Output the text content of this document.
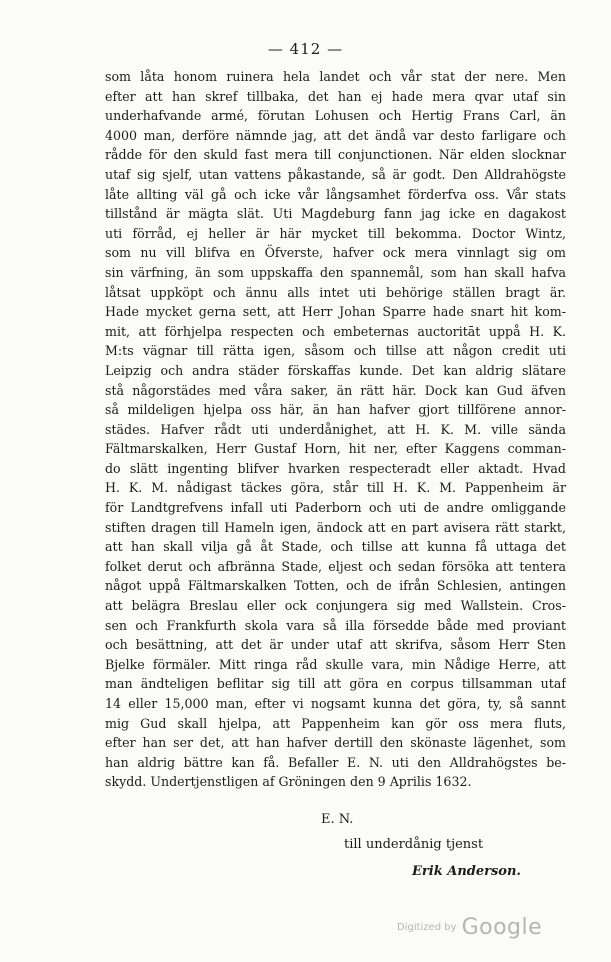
— 412 —
som låta honom ruinera hela landet och vår stat der nere. Men
efter att han skref tillbaka, det han ej hade mera qvar utaf sin
underhafvande armé, förutan Lohusen och Hertig Frans Carl, än
4000 man, derföre nämnde jag, att det ändå var desto farligare och
rådde för den skuld fast mera till conjunctionen. När elden slocknar
utaf sig sjelf, utan vattens påkastande, så är godt. Den Alldrahögste
låte allting väl gå och icke vår långsamhet förderfva oss. Vår stats
tillstånd är mägta slät. Uti Magdeburg fann jag icke en dagakost
uti förråd, ej heller är här mycket till bekomma. Doctor Wintz,
som nu vill blifva en Öfverste, hafver ock mera vinnlagt sig om
sin värfning, än som uppskaffa den spannemål, som han skall hafva
låtsat uppköpt och ännu alls intet uti behörige ställen bragt är.
Hade mycket gerna sett, att Herr Johan Sparre hade snart hit kom-
mit, att förhjelpa respecten och embeternas auctoritāt uppå H. K.
M:ts vägnar till rätta igen, såsom och tillse att någon credit uti
Leipzig och andra städer förskaffas kunde. Det kan aldrig slätare
stå någorstädes med våra saker, än rätt här. Dock kan Gud äfven
så mildeligen hjelpa oss här, än han hafver gjort tillförene annor-
städes. Hafver rådt uti underdånighet, att H. K. M. ville sända
Fältmarskalken, Herr Gustaf Horn, hit ner, efter Kaggens comman-
do slätt ingenting blifver hvarken respecteradt eller aktadt. Hvad
H. K. M. nådigast täckes göra, står till H. K. M. Pappenheim är
för Landtgrefvens infall uti Paderborn och uti de andre omliggande
stiften dragen till Hameln igen, ändock att en part avisera rätt starkt,
att han skall vilja gå åt Stade, och tillse att kunna få uttaga det
folket derut och afbränna Stade, eljest och sedan försöka att tentera
något uppå Fältmarskalken Totten, och de ifrån Schlesien, antingen
att belägra Breslau eller ock conjungera sig med Wallstein. Cros-
sen och Frankfurth skola vara så illa försedde både med proviant
och besättning, att det är under utaf att skrifva, såsom Herr Sten
Bjelke förmäler. Mitt ringa råd skulle vara, min Nådige Herre, att
man ändteligen beflitar sig till att göra en corpus tillsamman utaf
14 eller 15,000 man, efter vi nogsamt kunna det göra, ty, så sannt
mig Gud skall hjelpa, att Pappenheim kan gör oss mera fluts,
efter han ser det, att han hafver dertill den skönaste lägenhet, som
han aldrig bättre kan få. Befaller E. N. uti den Alldrahögstes be-
skydd. Undertjenstligen af Gröningen den 9 Aprilis 1632.
E. N.
till underdånig tjenst
Erik Anderson.
Digitized by Google
